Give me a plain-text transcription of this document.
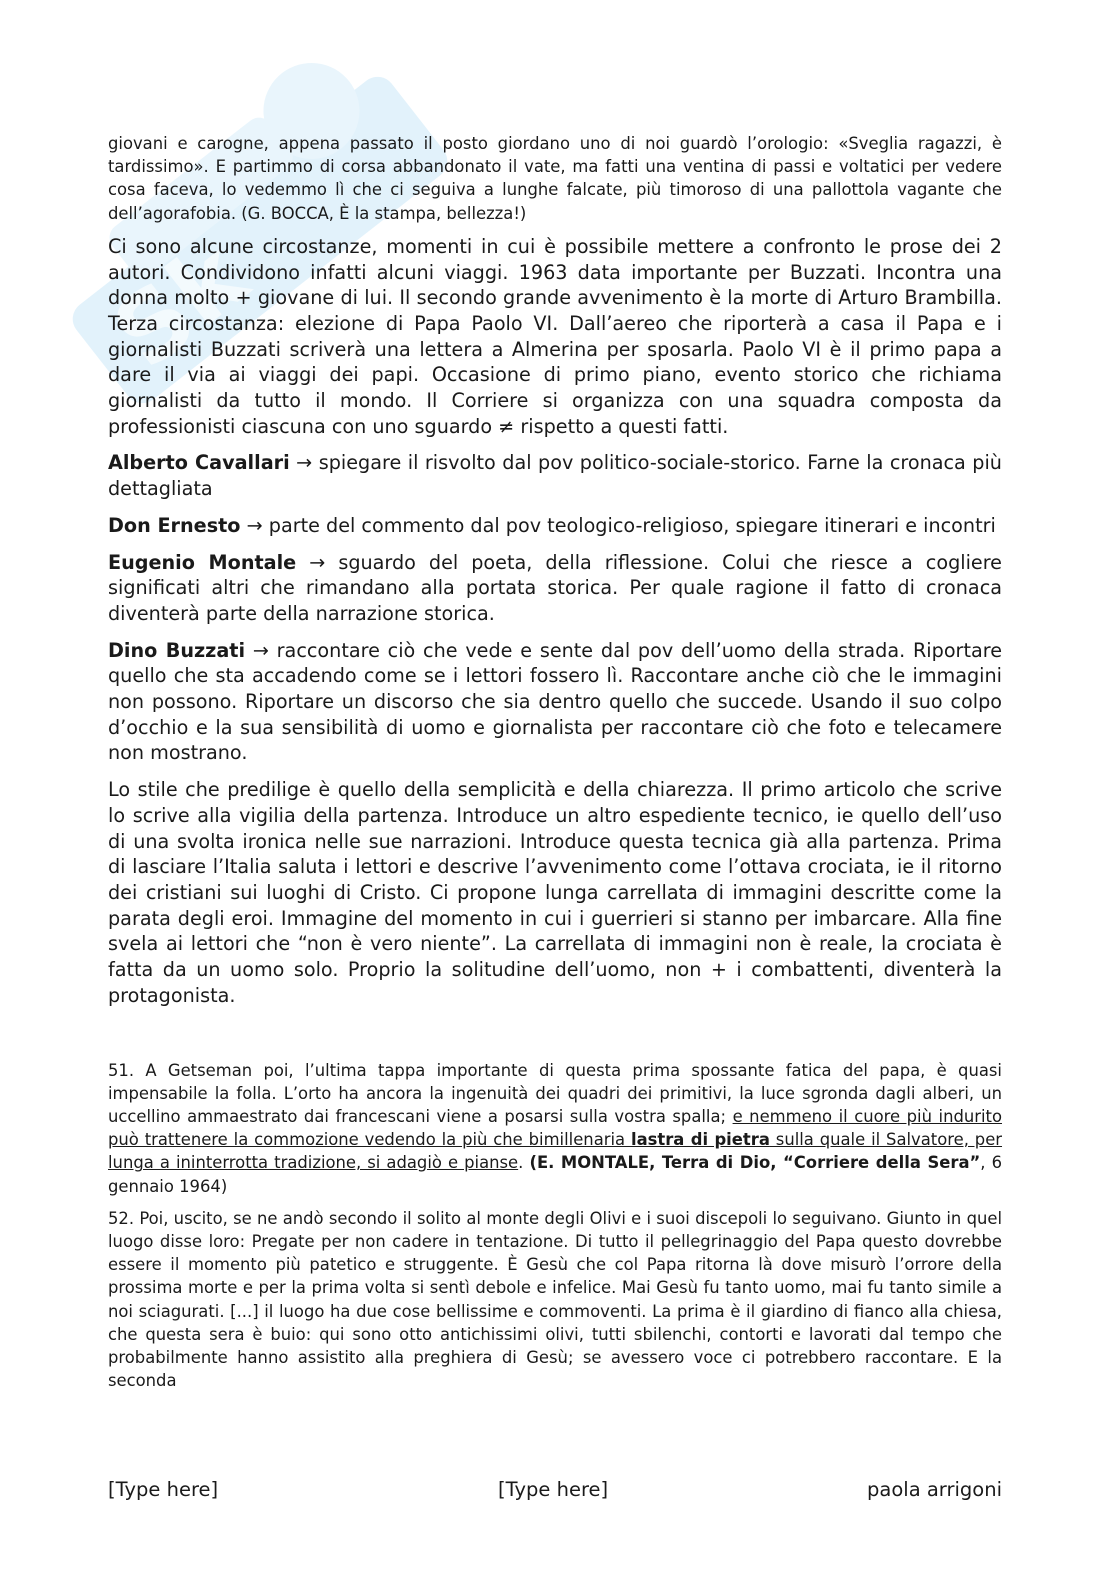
Sk

giovani e carogne, appena passato il posto giordano uno di noi guardò l’orologio: «Sveglia ragazzi, è tardissimo». E partimmo di corsa abbandonato il vate, ma fatti una ventina di passi e voltatici per vedere cosa faceva, lo vedemmo lì che ci seguiva a lunghe falcate, più timoroso di una pallottola vagante che dell’agorafobia. (G. BOCCA, È la stampa, bellezza!)

Ci sono alcune circostanze, momenti in cui è possibile mettere a confronto le prose dei 2 autori. Condividono infatti alcuni viaggi. 1963 data importante per Buzzati. Incontra una donna molto + giovane di lui. Il secondo grande avvenimento è la morte di Arturo Brambilla. Terza circostanza: elezione di Papa Paolo VI. Dall’aereo che riporterà a casa il Papa e i giornalisti Buzzati scriverà una lettera a Almerina per sposarla. Paolo VI è il primo papa a dare il via ai viaggi dei papi. Occasione di primo piano, evento storico che richiama giornalisti da tutto il mondo. Il Corriere si organizza con una squadra composta da professionisti ciascuna con uno sguardo ≠ rispetto a questi fatti.

Alberto Cavallari → spiegare il risvolto dal pov politico-sociale-storico. Farne la cronaca più dettagliata

Don Ernesto → parte del commento dal pov teologico-religioso, spiegare itinerari e incontri

Eugenio Montale → sguardo del poeta, della riflessione. Colui che riesce a cogliere significati altri che rimandano alla portata storica. Per quale ragione il fatto di cronaca diventerà parte della narrazione storica.

Dino Buzzati → raccontare ciò che vede e sente dal pov dell’uomo della strada. Riportare quello che sta accadendo come se i lettori fossero lì. Raccontare anche ciò che le immagini non possono. Riportare un discorso che sia dentro quello che succede. Usando il suo colpo d’occhio e la sua sensibilità di uomo e giornalista per raccontare ciò che foto e telecamere non mostrano.

Lo stile che predilige è quello della semplicità e della chiarezza. Il primo articolo che scrive lo scrive alla vigilia della partenza. Introduce un altro espediente tecnico, ie quello dell’uso di una svolta ironica nelle sue narrazioni. Introduce questa tecnica già alla partenza. Prima di lasciare l’Italia saluta i lettori e descrive l’avvenimento come l’ottava crociata, ie il ritorno dei cristiani sui luoghi di Cristo. Ci propone lunga carrellata di immagini descritte come la parata degli eroi. Immagine del momento in cui i guerrieri si stanno per imbarcare. Alla fine svela ai lettori che “non è vero niente”. La carrellata di immagini non è reale, la crociata è fatta da un uomo solo. Proprio la solitudine dell’uomo, non + i combattenti, diventerà la protagonista.

51. A Getseman poi, l’ultima tappa importante di questa prima spossante fatica del papa, è quasi impensabile la folla. L’orto ha ancora la ingenuità dei quadri dei primitivi, la luce sgronda dagli alberi, un uccellino ammaestrato dai francescani viene a posarsi sulla vostra spalla; e nemmeno il cuore più indurito può trattenere la commozione vedendo la più che bimillenaria lastra di pietra sulla quale il Salvatore, per lunga a ininterrotta tradizione, si adagiò e pianse. (E. MONTALE, Terra di Dio, “Corriere della Sera”, 6 gennaio 1964)

52. Poi, uscito, se ne andò secondo il solito al monte degli Olivi e i suoi discepoli lo seguivano. Giunto in quel luogo disse loro: Pregate per non cadere in tentazione. Di tutto il pellegrinaggio del Papa questo dovrebbe essere il momento più patetico e struggente. È Gesù che col Papa ritorna là dove misurò l’orrore della prossima morte e per la prima volta si sentì debole e infelice. Mai Gesù fu tanto uomo, mai fu tanto simile a noi sciagurati. [...] il luogo ha due cose bellissime e commoventi. La prima è il giardino di fianco alla chiesa, che questa sera è buio: qui sono otto antichissimi olivi, tutti sbilenchi, contorti e lavorati dal tempo che probabilmente hanno assistito alla preghiera di Gesù; se avessero voce ci potrebbero raccontare. E la seconda

[Type here]	[Type here]	paola arrigoni
